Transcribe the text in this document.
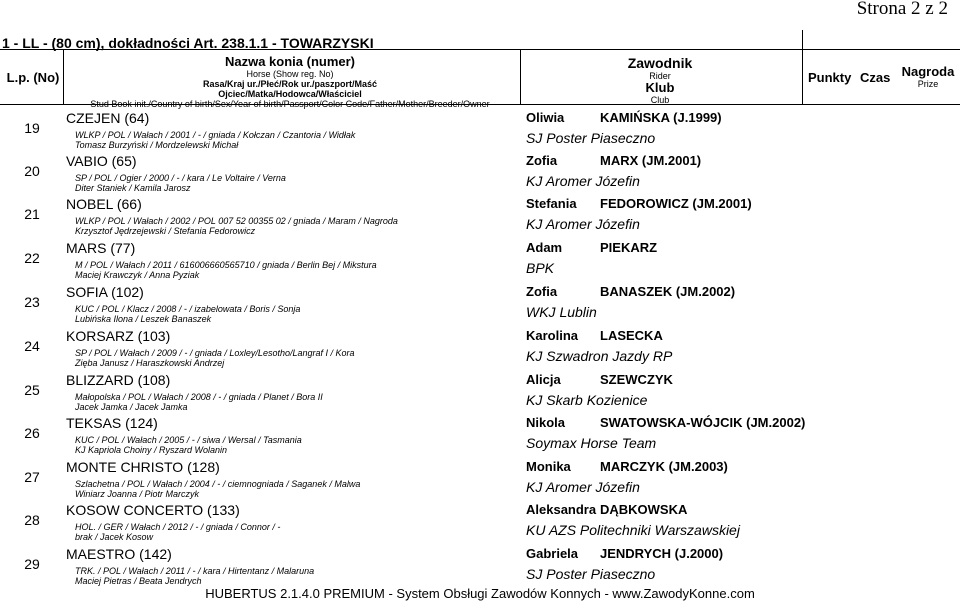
Strona 2 z 2
1 - LL - (80 cm), dokładności Art. 238.1.1 - TOWARZYSKI
L.p. (No)
Nazwa konia (numer)
Horse (Show reg. No)
Rasa/Kraj ur./Płeć/Rok ur./paszport/Maść
Ojciec/Matka/Hodowca/Właściciel
Stud Book init./Country of birth/Sex/Year of birth/Passport/Color Code/Father/Mother/Breeder/Owner
Zawodnik
Rider
Klub
Club
Punkty Czas Nagroda
Prize
19
CZEJEN (64)
WLKP / POL / Wałach / 2001 / - / gniada / Kołczan / Czantoria / Widłak
Tomasz Burzyński / Mordzelewski Michał
Oliwia	KAMIŃSKA (J.1999)
SJ Poster Piaseczno
20
VABIO (65)
SP / POL / Ogier / 2000 / - / kara / Le Voltaire / Verna
Diter Staniek / Kamila Jarosz
Zofia	MARX (JM.2001)
KJ Aromer Józefin
21
NOBEL (66)
WLKP / POL / Wałach / 2002 / POL 007 52 00355 02 / gniada / Maram / Nagroda
Krzysztof Jędrzejewski / Stefania Fedorowicz
Stefania FEDOROWICZ (JM.2001)
KJ Aromer Józefin
22
MARS (77)
M / POL / Wałach / 2011 / 616006660565710 / gniada / Berlin Bej / Mikstura
Maciej Krawczyk / Anna Pyziak
Adam	PIEKARZ
BPK
23
SOFIA (102)
KUC / POL / Klacz / 2008 / - / izabelowata / Boris / Sonja
Lubińska Ilona / Leszek Banaszek
Zofia	BANASZEK (JM.2002)
WKJ Lublin
24
KORSARZ (103)
SP / POL / Wałach / 2009 / - / gniada / Loxley/Lesotho/Langraf I / Kora
Zięba Janusz / Haraszkowski Andrzej
Karolina LASECKA
KJ Szwadron Jazdy RP
25
BLIZZARD (108)
Małopolska / POL / Wałach / 2008 / - / gniada / Planet / Bora II
Jacek Jamka / Jacek Jamka
Alicja	SZEWCZYK
KJ Skarb Kozienice
26
TEKSAS (124)
KUC / POL / Wałach / 2005 / - / siwa / Wersal / Tasmania
KJ Kapriola Choiny / Ryszard Wolanin
Nikola	SWATOWSKA-WÓJCIK (JM.2002)
Soymax Horse Team
27
MONTE CHRISTO (128)
Szlachetna / POL / Wałach / 2004 / - / ciemnogniada / Saganek / Malwa
Winiarz Joanna / Piotr Marczyk
Monika MARCZYK (JM.2003)
KJ Aromer Józefin
28
KOSOW CONCERTO (133)
HOL. / GER / Wałach / 2012 / - / gniada / Connor / -
brak / Jacek Kosow
Aleksandra DĄBKOWSKA
KU AZS Politechniki Warszawskiej
29
MAESTRO (142)
TRK. / POL / Wałach / 2011 / - / kara / Hirtentanz / Malaruna
Maciej Pietras / Beata Jendrych
Gabriela JENDRYCH (J.2000)
SJ Poster Piaseczno
HUBERTUS 2.1.4.0 PREMIUM - System Obsługi Zawodów Konnych - www.ZawodyKonne.com
